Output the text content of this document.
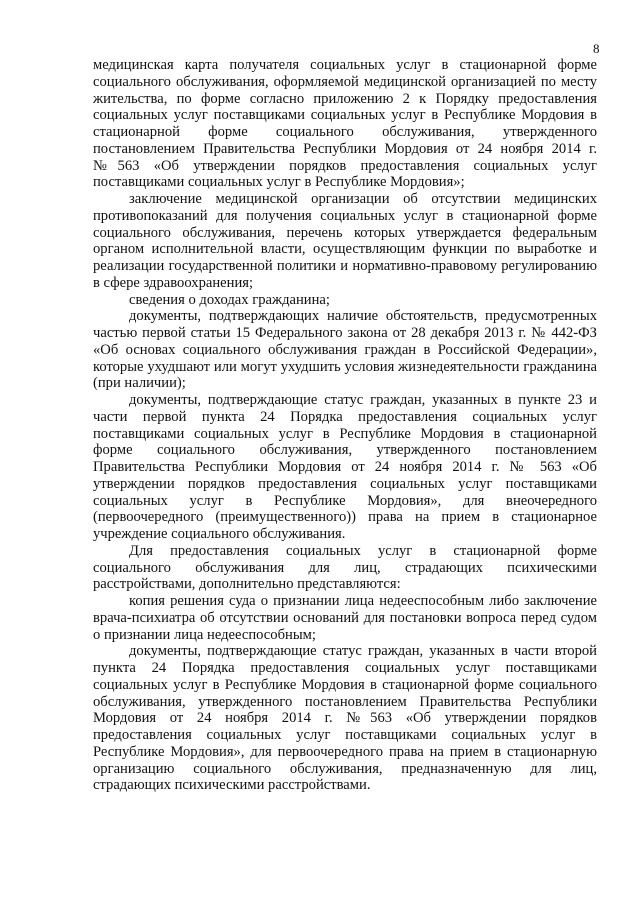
8

медицинская карта получателя социальных услуг в стационарной форме социального обслуживания, оформляемой медицинской организацией по месту жительства, по форме согласно приложению 2 к Порядку предоставления социальных услуг поставщиками социальных услуг в Республике Мордовия в стационарной форме социального обслуживания, утвержденного постановлением Правительства Республики Мордовия от 24 ноября 2014 г. №563 «Об утверждении порядков предоставления социальных услуг поставщиками социальных услуг в Республике Мордовия»;

заключение медицинской организации об отсутствии медицинских противопоказаний для получения социальных услуг в стационарной форме социального обслуживания, перечень которых утверждается федеральным органом исполнительной власти, осуществляющим функции по выработке и реализации государственной политики и нормативно-правовому регулированию в сфере здравоохранения;

сведения о доходах гражданина;

документы, подтверждающих наличие обстоятельств, предусмотренных частью первой статьи 15 Федерального закона от 28 декабря 2013 г. № 442-ФЗ «Об основах социального обслуживания граждан в Российской Федерации», которые ухудшают или могут ухудшить условия жизнедеятельности гражданина (при наличии);

документы, подтверждающие статус граждан, указанных в пункте 23 и части первой пункта 24 Порядка предоставления социальных услуг поставщиками социальных услуг в Республике Мордовия в стационарной форме социального обслуживания, утвержденного постановлением Правительства Республики Мордовия от 24 ноября 2014 г. № 563 «Об утверждении порядков предоставления социальных услуг поставщиками социальных услуг в Республике Мордовия», для внеочередного (первоочередного (преимущественного)) права на прием в стационарное учреждение социального обслуживания.

Для предоставления социальных услуг в стационарной форме социального обслуживания для лиц, страдающих психическими расстройствами, дополнительно представляются:

копия решения суда о признании лица недееспособным либо заключение врача-психиатра об отсутствии оснований для постановки вопроса перед судом о признании лица недееспособным;

документы, подтверждающие статус граждан, указанных в части второй пункта 24 Порядка предоставления социальных услуг поставщиками социальных услуг в Республике Мордовия в стационарной форме социального обслуживания, утвержденного постановлением Правительства Республики Мордовия от 24 ноября 2014 г. №563 «Об утверждении порядков предоставления социальных услуг поставщиками социальных услуг в Республике Мордовия», для первоочередного права на прием в стационарную организацию социального обслуживания, предназначенную для лиц, страдающих психическими расстройствами.
